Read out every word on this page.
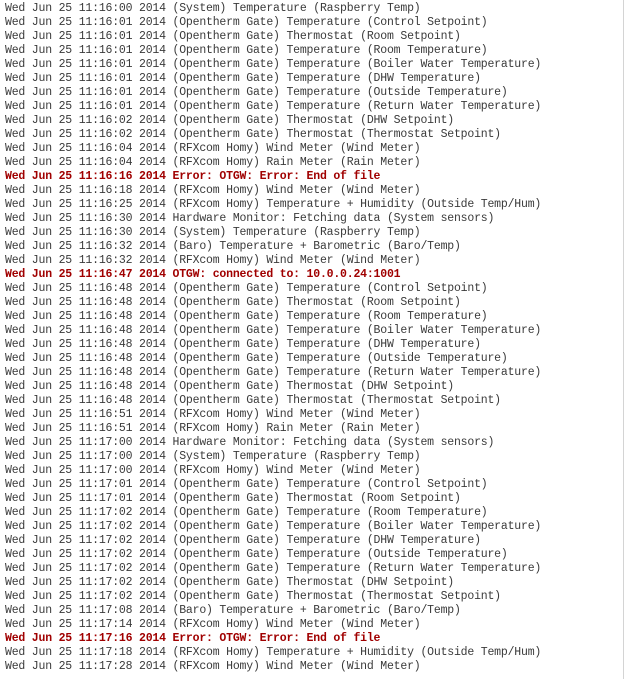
Wed Jun 25 11:16:00 2014 (System) Temperature (Raspberry Temp)
Wed Jun 25 11:16:01 2014 (Opentherm Gate) Temperature (Control Setpoint)
Wed Jun 25 11:16:01 2014 (Opentherm Gate) Thermostat (Room Setpoint)
Wed Jun 25 11:16:01 2014 (Opentherm Gate) Temperature (Room Temperature)
Wed Jun 25 11:16:01 2014 (Opentherm Gate) Temperature (Boiler Water Temperature)
Wed Jun 25 11:16:01 2014 (Opentherm Gate) Temperature (DHW Temperature)
Wed Jun 25 11:16:01 2014 (Opentherm Gate) Temperature (Outside Temperature)
Wed Jun 25 11:16:01 2014 (Opentherm Gate) Temperature (Return Water Temperature)
Wed Jun 25 11:16:02 2014 (Opentherm Gate) Thermostat (DHW Setpoint)
Wed Jun 25 11:16:02 2014 (Opentherm Gate) Thermostat (Thermostat Setpoint)
Wed Jun 25 11:16:04 2014 (RFXcom Homy) Wind Meter (Wind Meter)
Wed Jun 25 11:16:04 2014 (RFXcom Homy) Rain Meter (Rain Meter)
Wed Jun 25 11:16:16 2014 Error: OTGW: Error: End of file
Wed Jun 25 11:16:18 2014 (RFXcom Homy) Wind Meter (Wind Meter)
Wed Jun 25 11:16:25 2014 (RFXcom Homy) Temperature + Humidity (Outside Temp/Hum)
Wed Jun 25 11:16:30 2014 Hardware Monitor: Fetching data (System sensors)
Wed Jun 25 11:16:30 2014 (System) Temperature (Raspberry Temp)
Wed Jun 25 11:16:32 2014 (Baro) Temperature + Barometric (Baro/Temp)
Wed Jun 25 11:16:32 2014 (RFXcom Homy) Wind Meter (Wind Meter)
Wed Jun 25 11:16:47 2014 OTGW: connected to: 10.0.0.24:1001
Wed Jun 25 11:16:48 2014 (Opentherm Gate) Temperature (Control Setpoint)
Wed Jun 25 11:16:48 2014 (Opentherm Gate) Thermostat (Room Setpoint)
Wed Jun 25 11:16:48 2014 (Opentherm Gate) Temperature (Room Temperature)
Wed Jun 25 11:16:48 2014 (Opentherm Gate) Temperature (Boiler Water Temperature)
Wed Jun 25 11:16:48 2014 (Opentherm Gate) Temperature (DHW Temperature)
Wed Jun 25 11:16:48 2014 (Opentherm Gate) Temperature (Outside Temperature)
Wed Jun 25 11:16:48 2014 (Opentherm Gate) Temperature (Return Water Temperature)
Wed Jun 25 11:16:48 2014 (Opentherm Gate) Thermostat (DHW Setpoint)
Wed Jun 25 11:16:48 2014 (Opentherm Gate) Thermostat (Thermostat Setpoint)
Wed Jun 25 11:16:51 2014 (RFXcom Homy) Wind Meter (Wind Meter)
Wed Jun 25 11:16:51 2014 (RFXcom Homy) Rain Meter (Rain Meter)
Wed Jun 25 11:17:00 2014 Hardware Monitor: Fetching data (System sensors)
Wed Jun 25 11:17:00 2014 (System) Temperature (Raspberry Temp)
Wed Jun 25 11:17:00 2014 (RFXcom Homy) Wind Meter (Wind Meter)
Wed Jun 25 11:17:01 2014 (Opentherm Gate) Temperature (Control Setpoint)
Wed Jun 25 11:17:01 2014 (Opentherm Gate) Thermostat (Room Setpoint)
Wed Jun 25 11:17:02 2014 (Opentherm Gate) Temperature (Room Temperature)
Wed Jun 25 11:17:02 2014 (Opentherm Gate) Temperature (Boiler Water Temperature)
Wed Jun 25 11:17:02 2014 (Opentherm Gate) Temperature (DHW Temperature)
Wed Jun 25 11:17:02 2014 (Opentherm Gate) Temperature (Outside Temperature)
Wed Jun 25 11:17:02 2014 (Opentherm Gate) Temperature (Return Water Temperature)
Wed Jun 25 11:17:02 2014 (Opentherm Gate) Thermostat (DHW Setpoint)
Wed Jun 25 11:17:02 2014 (Opentherm Gate) Thermostat (Thermostat Setpoint)
Wed Jun 25 11:17:08 2014 (Baro) Temperature + Barometric (Baro/Temp)
Wed Jun 25 11:17:14 2014 (RFXcom Homy) Wind Meter (Wind Meter)
Wed Jun 25 11:17:16 2014 Error: OTGW: Error: End of file
Wed Jun 25 11:17:18 2014 (RFXcom Homy) Temperature + Humidity (Outside Temp/Hum)
Wed Jun 25 11:17:28 2014 (RFXcom Homy) Wind Meter (Wind Meter)
